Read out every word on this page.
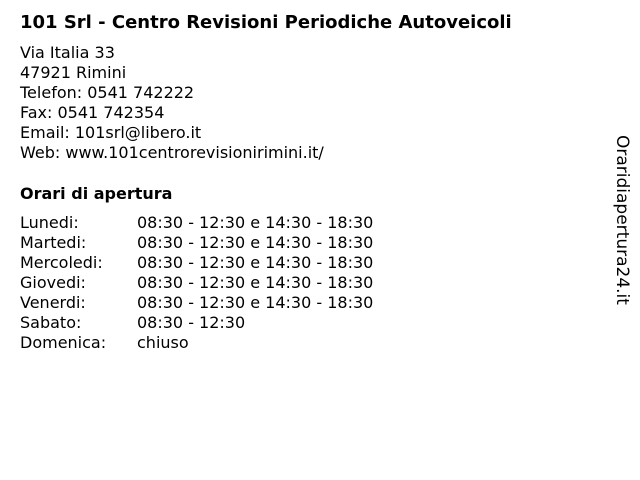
101 Srl - Centro Revisioni Periodiche Autoveicoli
Via Italia 33
47921 Rimini
Telefon: 0541 742222
Fax: 0541 742354
Email: 101srl@libero.it
Web: www.101centrorevisionirimini.it/
Orari di apertura
Lunedi:	08:30 - 12:30 e 14:30 - 18:30
Martedi:	08:30 - 12:30 e 14:30 - 18:30
Mercoledi:	08:30 - 12:30 e 14:30 - 18:30
Giovedi:	08:30 - 12:30 e 14:30 - 18:30
Venerdi:	08:30 - 12:30 e 14:30 - 18:30
Sabato:	08:30 - 12:30
Domenica:	chiuso
Oraridiapertura24.it
